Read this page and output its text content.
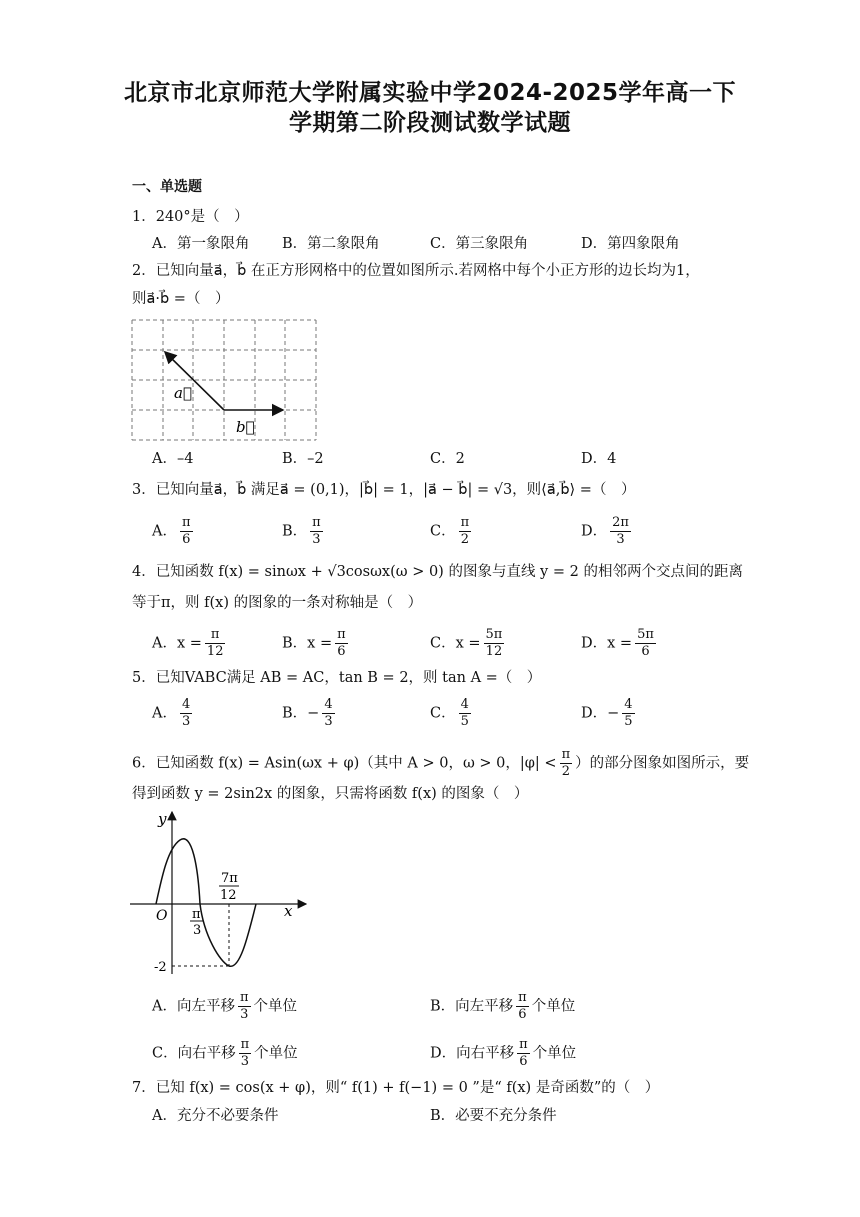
北京市北京师范大学附属实验中学2024-2025学年高一下
学期第二阶段测试数学试题
一、单选题
1．240°是（　）
A．第一象限角 B．第二象限角	C．第三象限角	D．第四象限角
2．已知向量a⃗，b⃗ 在正方形网格中的位置如图所示.若网格中每个小正方形的边长均为1，
则a⃗·b⃗ =（　）
a⃗
b⃗
A．–4	B．–2	C．2	D．4
3．已知向量a⃗，b⃗ 满足a⃗ = (0,1)，|b⃗| = 1，|a⃗ − b⃗| = √3，则⟨a⃗,b⃗⟩ =（　）
A． $\frac{\pi}{6}$	B． $\frac{\pi}{3}$	C． $\frac{\pi}{2}$	D． $\frac{2\pi}{3}$
4．已知函数 f(x) = sinωx + √3cosωx(ω > 0) 的图象与直线 y = 2 的相邻两个交点间的距离
等于π，则 f(x) 的图象的一条对称轴是（　）
A．$x = \frac{\pi}{12}$	B．$x = \frac{\pi}{6}$	C．$x = \frac{5\pi}{12}$	D．$x = \frac{5\pi}{6}$
5．已知VABC满足 AB = AC，tan B = 2，则 tan A =（　）
A． $\frac{4}{3}$	B．− $\frac{4}{3}$	C． $\frac{4}{5}$	D．− $\frac{4}{5}$
6．已知函数 f(x) = Asin(ωx + φ)（其中 A > 0，ω > 0，$|\varphi| < \frac{\pi}{2}$ ）的部分图象如图所示，要
得到函数 y = 2sin2x 的图象，只需将函数 f(x) 的图象（　）
y
x
O π
3
7π
12
-2
A．向左平移 $\frac{\pi}{3}$ 个单位	B．向左平移 $\frac{\pi}{6}$ 个单位
C．向右平移 $\frac{\pi}{3}$ 个单位	D．向右平移 $\frac{\pi}{6}$ 个单位
7．已知 f(x) = cos(x + φ)，则“ f(1) + f(−1) = 0 ”是“ f(x) 是奇函数”的（　）
A．充分不必要条件	B．必要不充分条件
